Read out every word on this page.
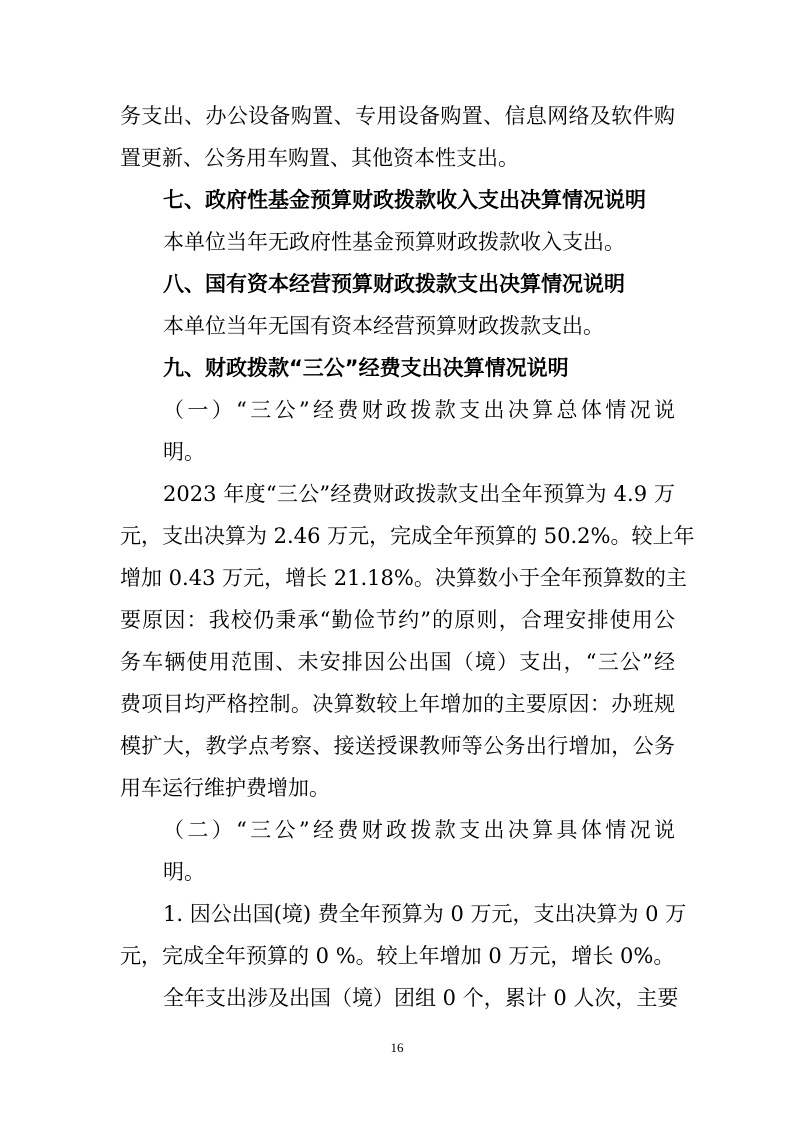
务支出、办公设备购置、专用设备购置、信息网络及软件购
置更新、公务用车购置、其他资本性支出。
七、政府性基金预算财政拨款收入支出决算情况说明
本单位当年无政府性基金预算财政拨款收入支出。
八、国有资本经营预算财政拨款支出决算情况说明
本单位当年无国有资本经营预算财政拨款支出。
九、财政拨款“三公”经费支出决算情况说明
（一）“三公”经费财政拨款支出决算总体情况说
明。
2023 年度“三公”经费财政拨款支出全年预算为 4.9 万
元，支出决算为 2.46 万元，完成全年预算的 50.2%。较上年
增加 0.43 万元，增长 21.18%。决算数小于全年预算数的主
要原因：我校仍秉承“勤俭节约”的原则，合理安排使用公
务车辆使用范围、未安排因公出国（境）支出，“三公”经
费项目均严格控制。决算数较上年增加的主要原因：办班规
模扩大，教学点考察、接送授课教师等公务出行增加，公务
用车运行维护费增加。
（二）“三公”经费财政拨款支出决算具体情况说
明。
1. 因公出国(境) 费全年预算为 0 万元，支出决算为 0 万
元，完成全年预算的 0 %。较上年增加 0 万元，增长 0%。
全年支出涉及出国（境）团组 0 个，累计 0 人次，主要
16
